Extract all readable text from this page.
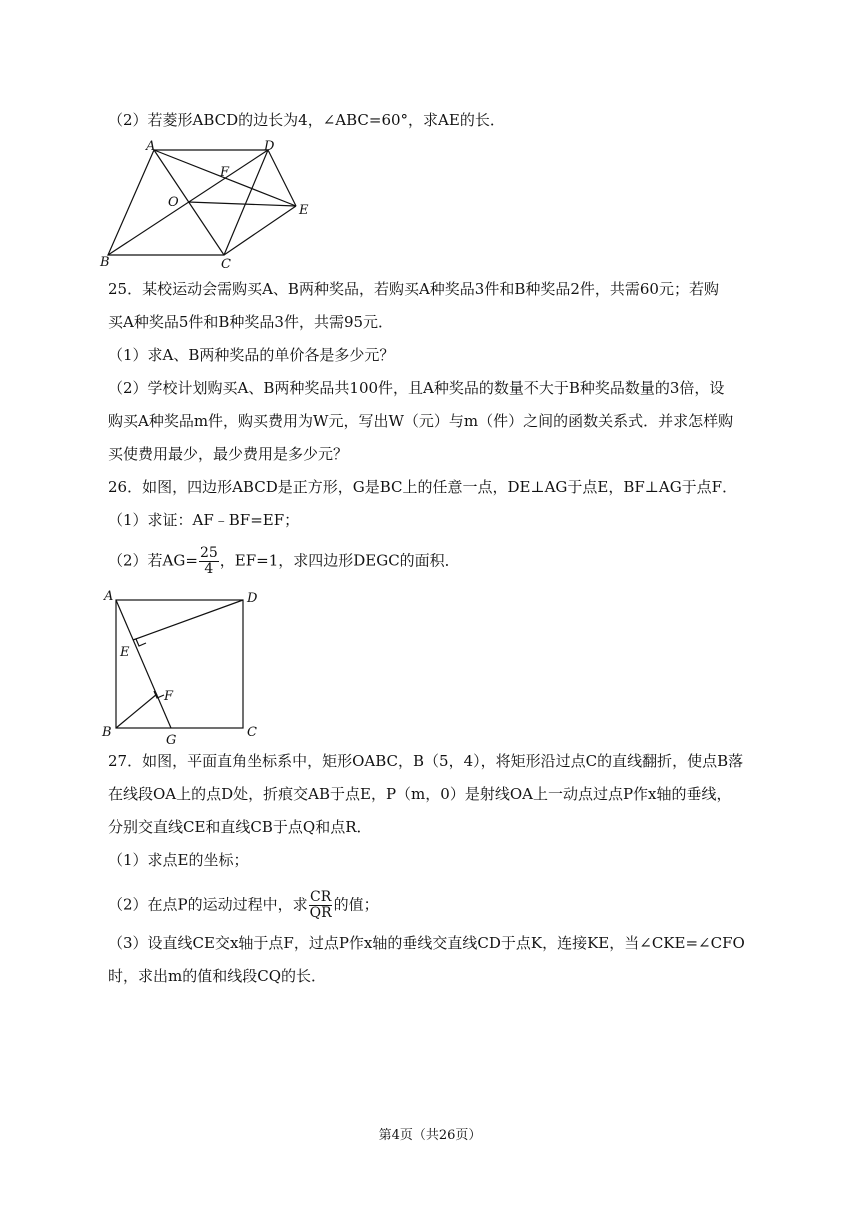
（2）若菱形ABCD的边长为4，∠ABC=60°，求AE的长．
A	D
F
O
E
B	C
25．某校运动会需购买A、B两种奖品，若购买A种奖品3件和B种奖品2件，共需60元；若购
买A种奖品5件和B种奖品3件，共需95元．
（1）求A、B两种奖品的单价各是多少元？
（2）学校计划购买A、B两种奖品共100件，且A种奖品的数量不大于B种奖品数量的3倍，设
购买A种奖品m件，购买费用为W元，写出W（元）与m（件）之间的函数关系式．并求怎样购
买使费用最少，最少费用是多少元？
26．如图，四边形ABCD是正方形，G是BC上的任意一点，DE⊥AG于点E，BF⊥AG于点F．
（1）求证：AF﹣BF=EF；
（2）若$AG= \frac{25}{4}$ ，EF=1，求四边形DEGC的面积．
A	D
E
F
B
G
C
27．如图，平面直角坐标系中，矩形OABC，B（5，4），将矩形沿过点C的直线翻折，使点B落
在线段OA上的点D处，折痕交AB于点E，P（m，0）是射线OA上一动点过点P作x轴的垂线，
分别交直线CE和直线CB于点Q和点R．
（1）求点E的坐标；
（2）在点P的运动过程中，求 $\frac{CR}{QR}$ 的值；
（3）设直线CE交x轴于点F，过点P作x轴的垂线交直线CD于点K，连接KE，当∠CKE=∠CFO
时，求出m的值和线段CQ的长．
第4页（共26页）
